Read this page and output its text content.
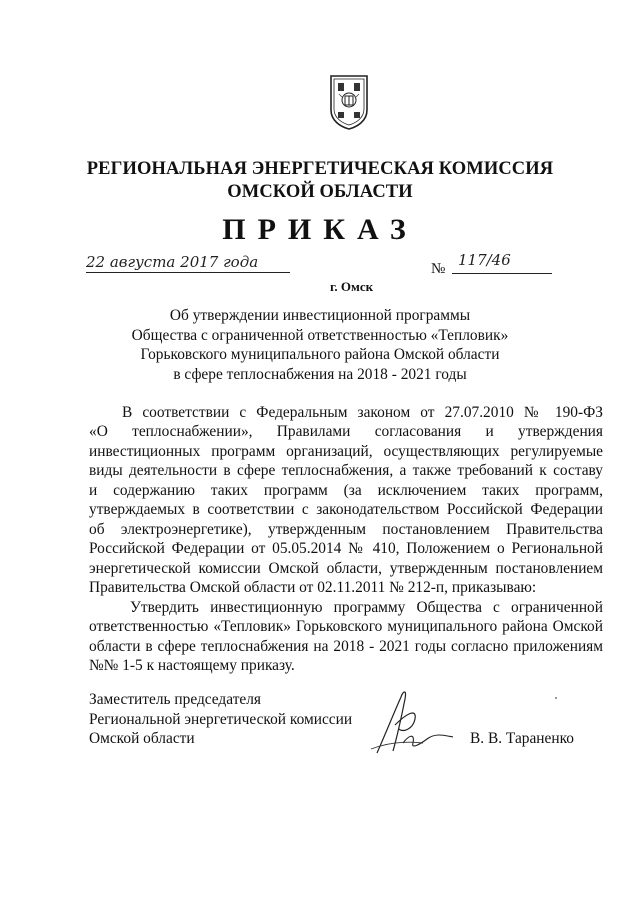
РЕГИОНАЛЬНАЯ ЭНЕРГЕТИЧЕСКАЯ КОМИССИЯ
ОМСКОЙ ОБЛАСТИ
ПРИКАЗ
22 августа 2017 года	№ 117/46
г. Омск
Об утверждении инвестиционной программы
Общества с ограниченной ответственностью «Тепловик»
Горьковского муниципального района Омской области
в сфере теплоснабжения на 2018 - 2021 годы
В соответствии с Федеральным законом от 27.07.2010 № 190-ФЗ
«О теплоснабжении», Правилами согласования и утверждения
инвестиционных программ организаций, осуществляющих регулируемые
виды деятельности в сфере теплоснабжения, а также требований к составу
и содержанию таких программ (за исключением таких программ,
утверждаемых в соответствии с законодательством Российской Федерации
об электроэнергетике), утвержденным постановлением Правительства
Российской Федерации от 05.05.2014 № 410, Положением о Региональной
энергетической комиссии Омской области, утвержденным постановлением
Правительства Омской области от 02.11.2011 № 212-п, приказываю:
Утвердить инвестиционную программу Общества с ограниченной
ответственностью «Тепловик» Горьковского муниципального района Омской
области в сфере теплоснабжения на 2018 - 2021 годы согласно приложениям
№№ 1-5 к настоящему приказу.
Заместитель председателя
Региональной энергетической комиссии
Омской области	В. В. Тараненко
